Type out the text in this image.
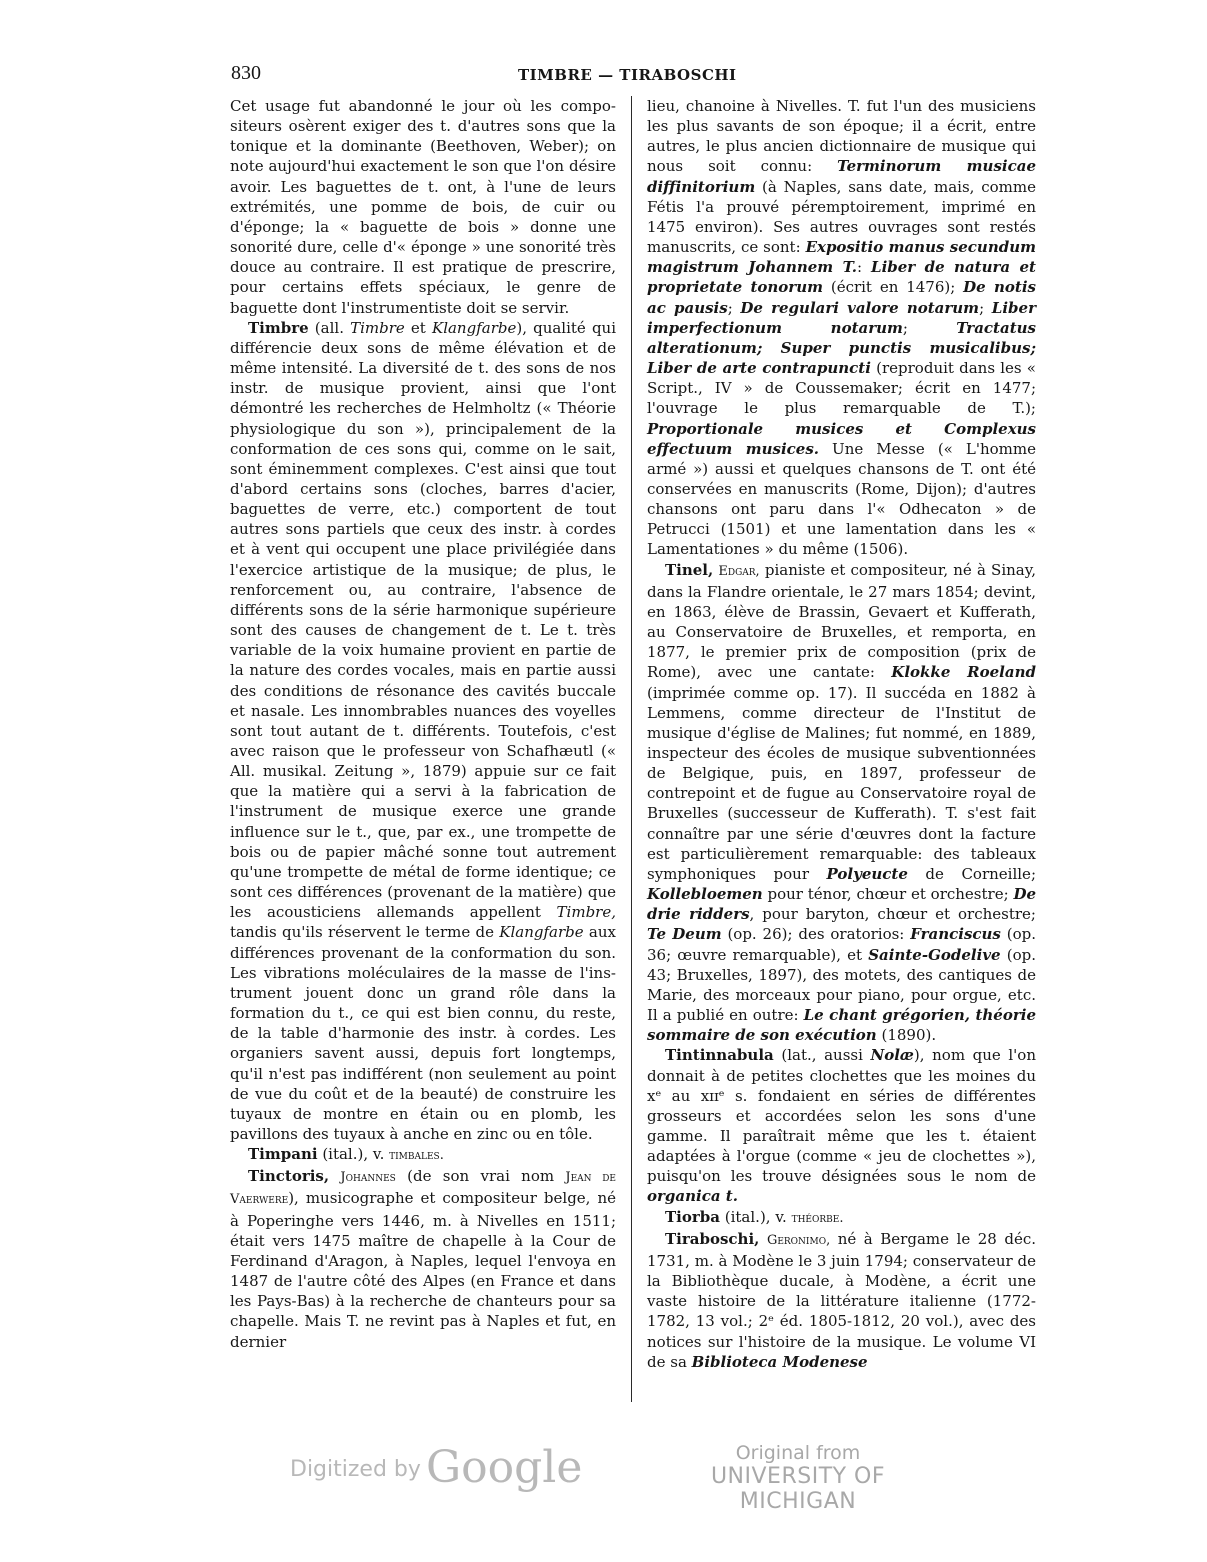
830	TIMBRE — TIRABOSCHI

Cet usage fut abandonné le jour où les compositeurs osèrent exiger des t. d'autres sons que la tonique et la dominante (Beethoven, Weber); on note aujourd'hui exactement le son que l'on désire avoir. Les baguettes de t. ont, à l'une de leurs extrémités, une pomme de bois, de cuir ou d'éponge; la « baguette de bois » donne une sonorité dure, celle d'« éponge » une sonorité très douce au contraire. Il est pratique de prescrire, pour certains effets spéciaux, le genre de baguette dont l'instrumentiste doit se servir.

Timbre (all. Timbre et Klangfarbe), qualité qui différencie deux sons de même élévation et de même intensité. La diversité de t. des sons de nos instr. de musique provient, ainsi que l'ont démontré les recherches de Helmholtz (« Théorie physiologique du son »), principalement de la conformation de ces sons qui, comme on le sait, sont éminemment complexes. C'est ainsi que tout d'abord certains sons (cloches, barres d'acier, baguettes de verre, etc.) comportent de tout autres sons partiels que ceux des instr. à cordes et à vent qui occupent une place privilégiée dans l'exercice artistique de la musique; de plus, le renforcement ou, au contraire, l'absence de différents sons de la série harmonique supérieure sont des causes de changement de t. Le t. très variable de la voix humaine provient en partie de la nature des cordes vocales, mais en partie aussi des conditions de résonance des cavités buccale et nasale. Les innombrables nuances des voyelles sont tout autant de t. différents. Toutefois, c'est avec raison que le professeur von Schafhæutl (« All. musikal. Zeitung », 1879) appuie sur ce fait que la matière qui a servi à la fabrication de l'instrument de musique exerce une grande influence sur le t., que, par ex., une trompette de bois ou de papier mâché sonne tout autrement qu'une trompette de métal de forme identique; ce sont ces différences (provenant de la matière) que les acousticiens allemands appellent Timbre, tandis qu'ils réservent le terme de Klangfarbe aux différences provenant de la conformation du son. Les vibrations moléculaires de la masse de l'instrument jouent donc un grand rôle dans la formation du t., ce qui est bien connu, du reste, de la table d'harmonie des instr. à cordes. Les organiers savent aussi, depuis fort longtemps, qu'il n'est pas indifférent (non seulement au point de vue du coût et de la beauté) de construire les tuyaux de montre en étain ou en plomb, les pavillons des tuyaux à anche en zinc ou en tôle.

Timpani (ital.), v. timbales.

Tinctoris, Johannes (de son vrai nom Jean de Vaerwere), musicographe et compositeur belge, né à Poperinghe vers 1446, m. à Nivelles en 1511; était vers 1475 maître de chapelle à la Cour de Ferdinand d'Aragon, à Naples, lequel l'envoya en 1487 de l'autre côté des Alpes (en France et dans les Pays-Bas) à la recherche de chanteurs pour sa chapelle. Mais T. ne revint pas à Naples et fut, en dernier

lieu, chanoine à Nivelles. T. fut l'un des musiciens les plus savants de son époque; il a écrit, entre autres, le plus ancien dictionnaire de musique qui nous soit connu: Terminorum musicae diffinitorium (à Naples, sans date, mais, comme Fétis l'a prouvé péremptoirement, imprimé en 1475 environ). Ses autres ouvrages sont restés manuscrits, ce sont: Expositio manus secundum magistrum Johannem T.: Liber de natura et proprietate tonorum (écrit en 1476); De notis ac pausis; De regulari valore notarum; Liber imperfectionum notarum; Tractatus alterationum; Super punctis musicalibus; Liber de arte contrapuncti (reproduit dans les « Script., IV » de Coussemaker; écrit en 1477; l'ouvrage le plus remarquable de T.); Proportionale musices et Complexus effectuum musices. Une Messe (« L'homme armé ») aussi et quelques chansons de T. ont été conservées en manuscrits (Rome, Dijon); d'autres chansons ont paru dans l'« Odhecaton » de Petrucci (1501) et une lamentation dans les « Lamentationes » du même (1506).

Tinel, Edgar, pianiste et compositeur, né à Sinay, dans la Flandre orientale, le 27 mars 1854; devint, en 1863, élève de Brassin, Gevaert et Kufferath, au Conservatoire de Bruxelles, et remporta, en 1877, le premier prix de composition (prix de Rome), avec une cantate: Klokke Roeland (imprimée comme op. 17). Il succéda en 1882 à Lemmens, comme directeur de l'Institut de musique d'église de Malines; fut nommé, en 1889, inspecteur des écoles de musique subventionnées de Belgique, puis, en 1897, professeur de contrepoint et de fugue au Conservatoire royal de Bruxelles (successeur de Kufferath). T. s'est fait connaître par une série d'œuvres dont la facture est particulièrement remarquable: des tableaux symphoniques pour Polyeucte de Corneille; Kollebloemen pour ténor, chœur et orchestre; De drie ridders, pour baryton, chœur et orchestre; Te Deum (op. 26); des oratorios: Franciscus (op. 36; œuvre remarquable), et Sainte-Godelive (op. 43; Bruxelles, 1897), des motets, des cantiques de Marie, des morceaux pour piano, pour orgue, etc. Il a publié en outre: Le chant grégorien, théorie sommaire de son exécution (1890).

Tintinnabula (lat., aussi Nolæ), nom que l'on donnait à de petites clochettes que les moines du xᵉ au xɪɪᵉ s. fondaient en séries de différentes grosseurs et accordées selon les sons d'une gamme. Il paraîtrait même que les t. étaient adaptées à l'orgue (comme « jeu de clochettes »), puisqu'on les trouve désignées sous le nom de organica t.

Tiorba (ital.), v. théorbe.

Tiraboschi, Geronimo, né à Bergame le 28 déc. 1731, m. à Modène le 3 juin 1794; conservateur de la Bibliothèque ducale, à Modène, a écrit une vaste histoire de la littérature italienne (1772-1782, 13 vol.; 2ᵉ éd. 1805-1812, 20 vol.), avec des notices sur l'histoire de la musique. Le volume VI de sa Biblioteca Modenese

Digitized by Google	Original from
UNIVERSITY OF MICHIGAN
